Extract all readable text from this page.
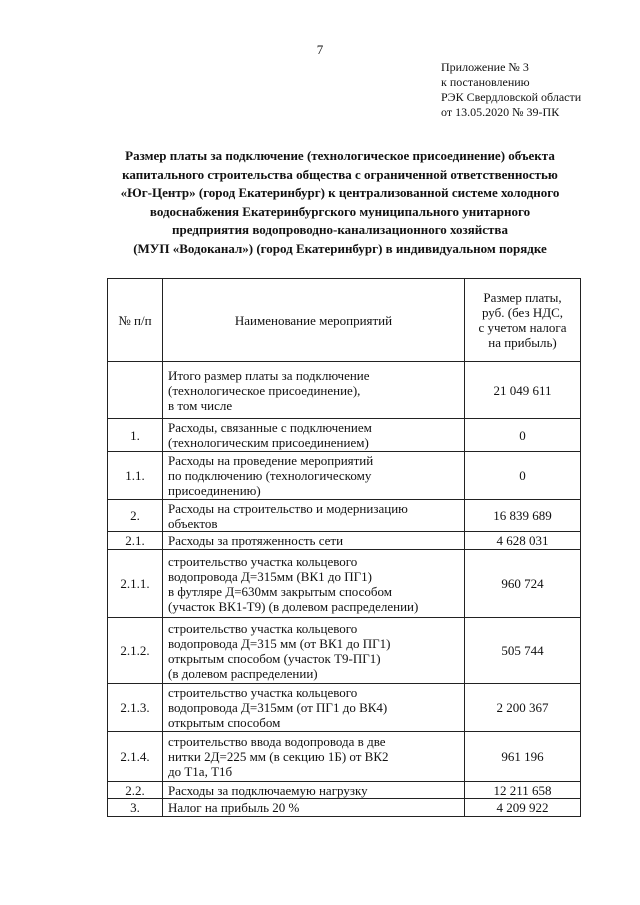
7
Приложение № 3
к постановлению
РЭК Свердловской области
от 13.05.2020 № 39-ПК
Размер платы за подключение (технологическое присоединение) объекта
капитального строительства общества с ограниченной ответственностью
«Юг-Центр» (город Екатеринбург) к централизованной системе холодного
водоснабжения Екатеринбургского муниципального унитарного
предприятия водопроводно-канализационного хозяйства
(МУП «Водоканал») (город Екатеринбург) в индивидуальном порядке
№ п/п	Наименование мероприятий	Размер платы,
руб. (без НДС,
с учетом налога
на прибыль)

	Итого размер платы за подключение
(технологическое присоединение),
в том числе	21 049 611
1.	Расходы, связанные с подключением
(технологическим присоединением)	0
1.1.	Расходы на проведение мероприятий
по подключению (технологическому
присоединению)	0
2.	Расходы на строительство и модернизацию
объектов	16 839 689
2.1.	Расходы за протяженность сети	4 628 031
2.1.1.	строительство участка кольцевого
водопровода Д=315мм (ВК1 до ПГ1)
в футляре Д=630мм закрытым способом
(участок ВК1-Т9) (в долевом распределении)	960 724
2.1.2.	строительство участка кольцевого
водопровода Д=315 мм (от ВК1 до ПГ1)
открытым способом (участок Т9-ПГ1)
(в долевом распределении)	505 744
2.1.3.	строительство участка кольцевого
водопровода Д=315мм (от ПГ1 до ВК4)
открытым способом	2 200 367
2.1.4.	строительство ввода водопровода в две
нитки 2Д=225 мм (в секцию 1Б) от ВК2
до Т1а, Т1б	961 196
2.2.	Расходы за подключаемую нагрузку	12 211 658
3.	Налог на прибыль 20 %	4 209 922
